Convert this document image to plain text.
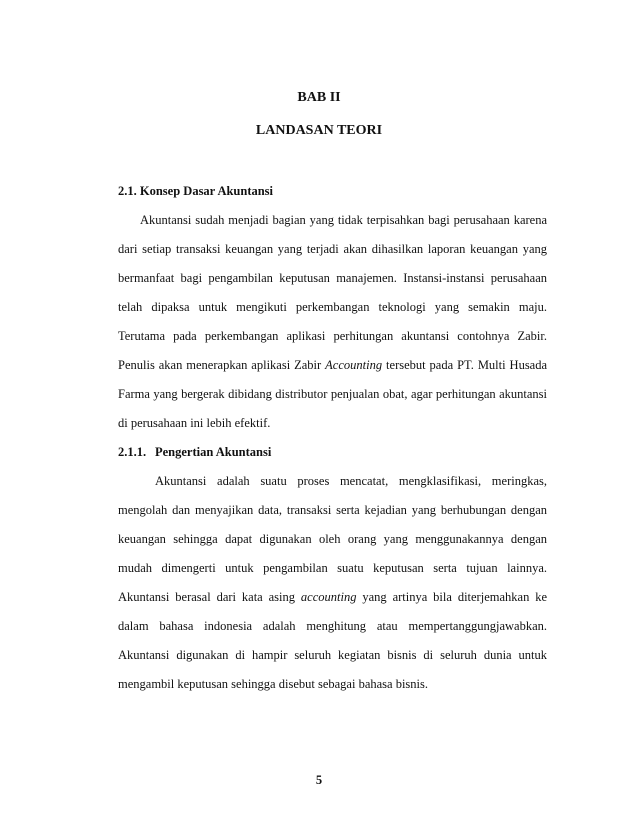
BAB II
LANDASAN TEORI
2.1. Konsep Dasar Akuntansi
Akuntansi sudah menjadi bagian yang tidak terpisahkan bagi perusahaan karena
dari setiap transaksi keuangan yang terjadi akan dihasilkan laporan keuangan yang
bermanfaat bagi pengambilan keputusan manajemen. Instansi-instansi perusahaan
telah dipaksa untuk mengikuti perkembangan teknologi yang semakin maju.
Terutama pada perkembangan aplikasi perhitungan akuntansi contohnya Zabir.
Penulis akan menerapkan aplikasi Zabir Accounting tersebut pada PT. Multi Husada
Farma yang bergerak dibidang distributor penjualan obat, agar perhitungan akuntansi
di perusahaan ini lebih efektif.
2.1.1. Pengertian Akuntansi
Akuntansi adalah suatu proses mencatat, mengklasifikasi, meringkas,
mengolah dan menyajikan data, transaksi serta kejadian yang berhubungan dengan
keuangan sehingga dapat digunakan oleh orang yang menggunakannya dengan
mudah dimengerti untuk pengambilan suatu keputusan serta tujuan lainnya.
Akuntansi berasal dari kata asing accounting yang artinya bila diterjemahkan ke
dalam bahasa indonesia adalah menghitung atau mempertanggungjawabkan.
Akuntansi digunakan di hampir seluruh kegiatan bisnis di seluruh dunia untuk
mengambil keputusan sehingga disebut sebagai bahasa bisnis.
5
